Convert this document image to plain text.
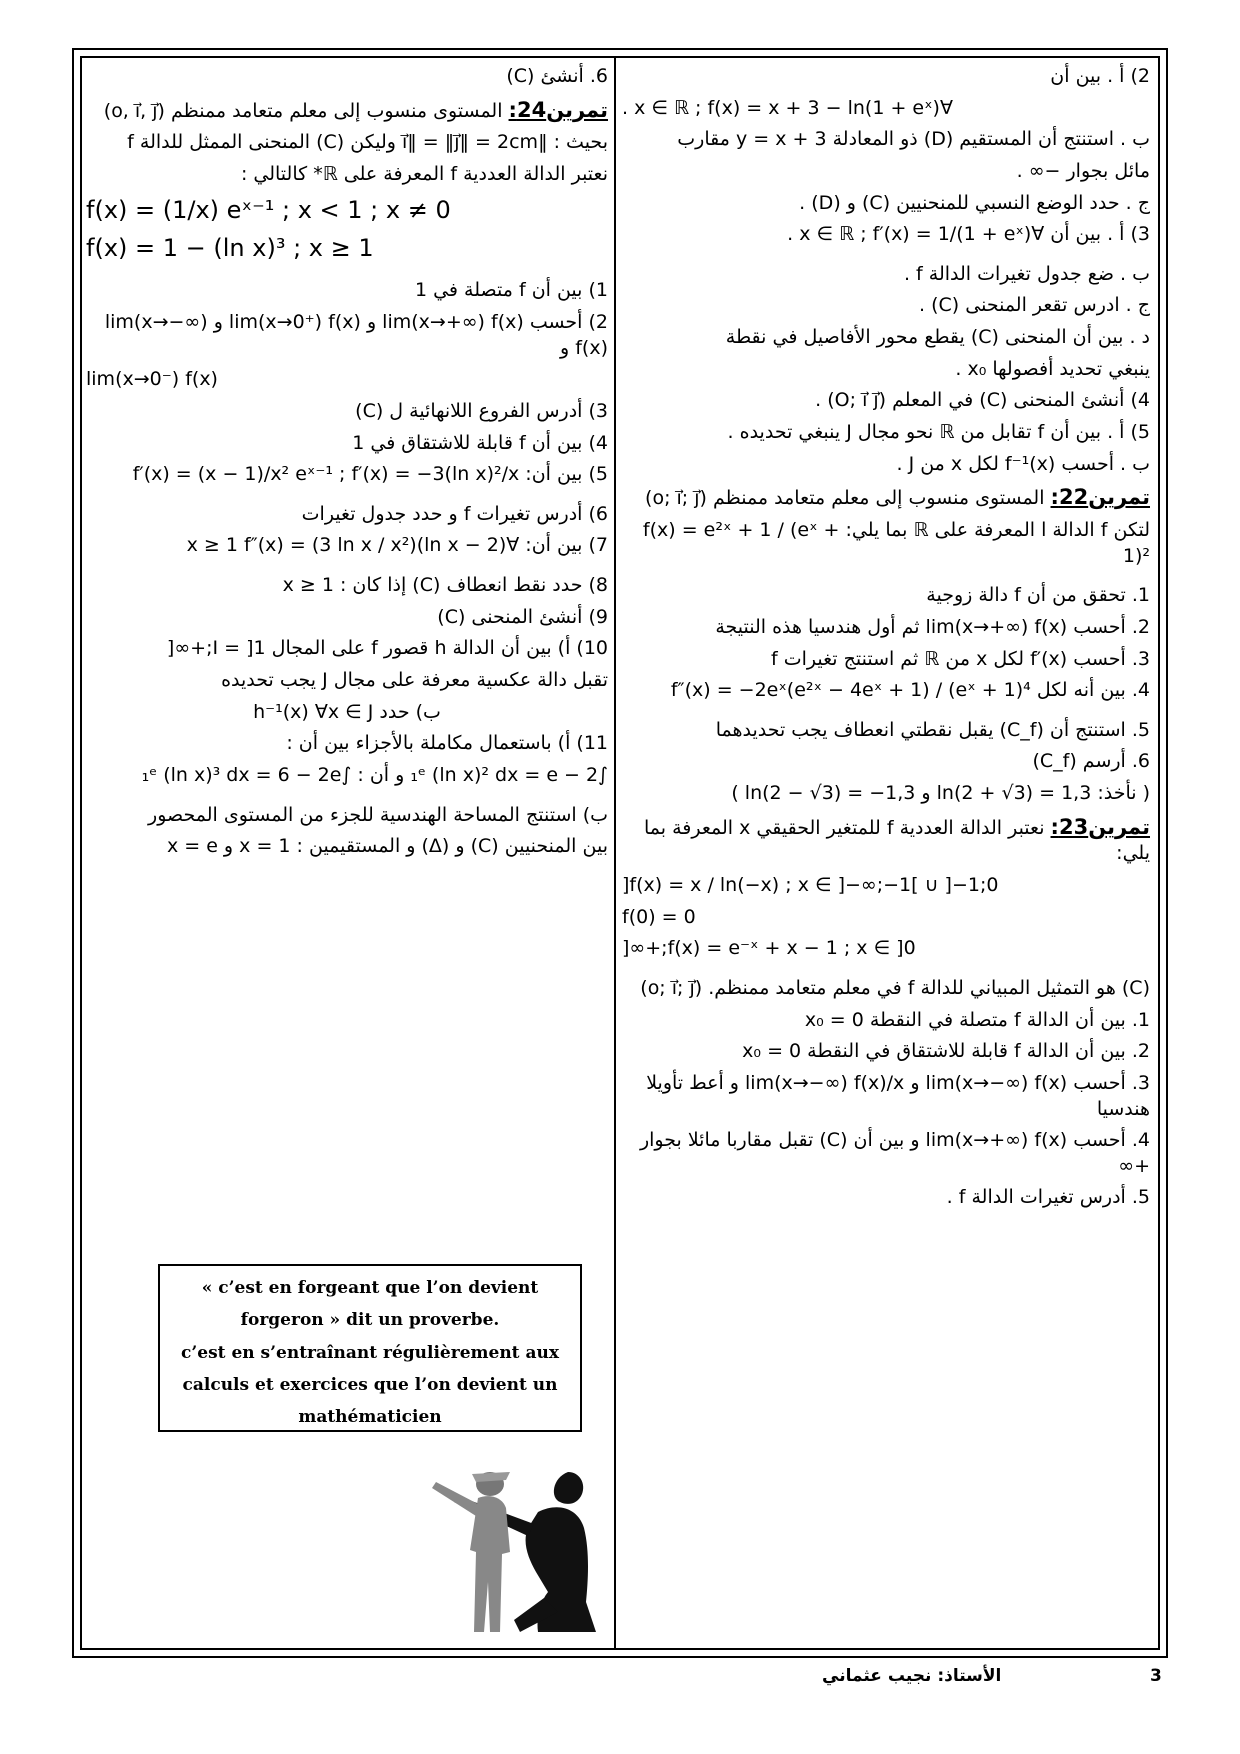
2) أ . بين أن
∀x ∈ ℝ ; f(x) = x + 3 − ln(1 + eˣ) .
ب . استنتج أن المستقيم (D) ذو المعادلة y = x + 3 مقارب
مائل بجوار −∞ .
ج . حدد الوضع النسبي للمنحنيين (C) و (D) .
3) أ . بين أن ∀x ∈ ℝ ; f′(x) = 1/(1 + eˣ) .
ب . ضع جدول تغيرات الدالة f .
ج . ادرس تقعر المنحنى (C) .
د . بين أن المنحنى (C) يقطع محور الأفاصيل في نقطة
ينبغي تحديد أفصولها x₀ .
4) أنشئ المنحنى (C) في المعلم (O; i⃗ j⃗) .
5) أ . بين أن f تقابل من ℝ نحو مجال J ينبغي تحديده .
ب . أحسب f⁻¹(x) لكل x من J .
تمرين22: المستوى منسوب إلى معلم متعامد ممنظم (o; i⃗; j⃗)
لتكن f الدالة ا المعرفة على ℝ بما يلي: f(x) = e²ˣ + 1 / (eˣ + 1)²
1. تحقق من أن f دالة زوجية
2. أحسب lim(x→+∞) f(x) ثم أول هندسيا هذه النتيجة
3. أحسب f′(x) لكل x من ℝ ثم استنتج تغيرات f
4. بين أنه لكل f″(x) = −2eˣ(e²ˣ − 4eˣ + 1) / (eˣ + 1)⁴
5. استنتج أن (C_f) يقبل نقطتي انعطاف يجب تحديدهما
6. أرسم (C_f)
( نأخذ: ln(2 + √3) = 1,3 و ln(2 − √3) = −1,3 )
تمرين23: نعتبر الدالة العددية f للمتغير الحقيقي x المعرفة بما يلي:
f(x) = x / ln(−x) ; x ∈ ]−∞;−1[ ∪ ]−1;0[
f(0) = 0
f(x) = e⁻ˣ + x − 1 ; x ∈ ]0;+∞[
(C) هو التمثيل المبياني للدالة f في معلم متعامد ممنظم. (o; i⃗; j⃗)
1. بين أن الدالة f متصلة في النقطة x₀ = 0
2. بين أن الدالة f قابلة للاشتقاق في النقطة x₀ = 0
3. أحسب lim(x→−∞) f(x) و lim(x→−∞) f(x)/x و أعط تأويلا هندسيا
4. أحسب lim(x→+∞) f(x) و بين أن (C) تقبل مقاربا مائلا بجوار +∞
5. أدرس تغيرات الدالة f .
6. أنشئ (C)
تمرين24: المستوى منسوب إلى معلم متعامد ممنظم (o, i⃗, j⃗)
بحيث : ‖i⃗‖ = ‖j⃗‖ = 2cm وليكن (C) المنحنى الممثل للدالة f
نعتبر الدالة العددية f المعرفة على ℝ* كالتالي :
f(x) = (1/x) eˣ⁻¹ ; x < 1 ; x ≠ 0
f(x) = 1 − (ln x)³ ; x ≥ 1
1) بين أن f متصلة في 1
2) أحسب lim(x→+∞) f(x) و lim(x→0⁺) f(x) و lim(x→−∞) f(x) و
lim(x→0⁻) f(x)
3) أدرس الفروع اللانهائية ل (C)
4) بين أن f قابلة للاشتقاق في 1
5) بين أن: f′(x) = (x − 1)/x² eˣ⁻¹ ; f′(x) = −3(ln x)²/x
6) أدرس تغيرات f و حدد جدول تغيرات
7) بين أن: ∀x ≥ 1 f″(x) = (3 ln x / x²)(ln x − 2)
8) حدد نقط انعطاف (C) إذا كان : x ≥ 1
9) أنشئ المنحنى (C)
10) أ) بين أن الدالة h قصور f على المجال I = ]1;+∞[
تقبل دالة عكسية معرفة على مجال J يجب تحديده
ب) حدد h⁻¹(x) ∀x ∈ J
11) أ) باستعمال مكاملة بالأجزاء بين أن :
∫₁ᵉ (ln x)² dx = e − 2 و أن : ∫₁ᵉ (ln x)³ dx = 6 − 2e
ب) استنتج المساحة الهندسية للجزء من المستوى المحصور
بين المنحنيين (C) و (Δ) و المستقيمين : x = 1 و x = e
« c’est en forgeant que l’on devient
forgeron » dit un proverbe.
c’est en s’entraînant régulièrement aux
calculs et exercices que l’on devient un
mathématicien
3
الأستاذ: نجيب عثماني
